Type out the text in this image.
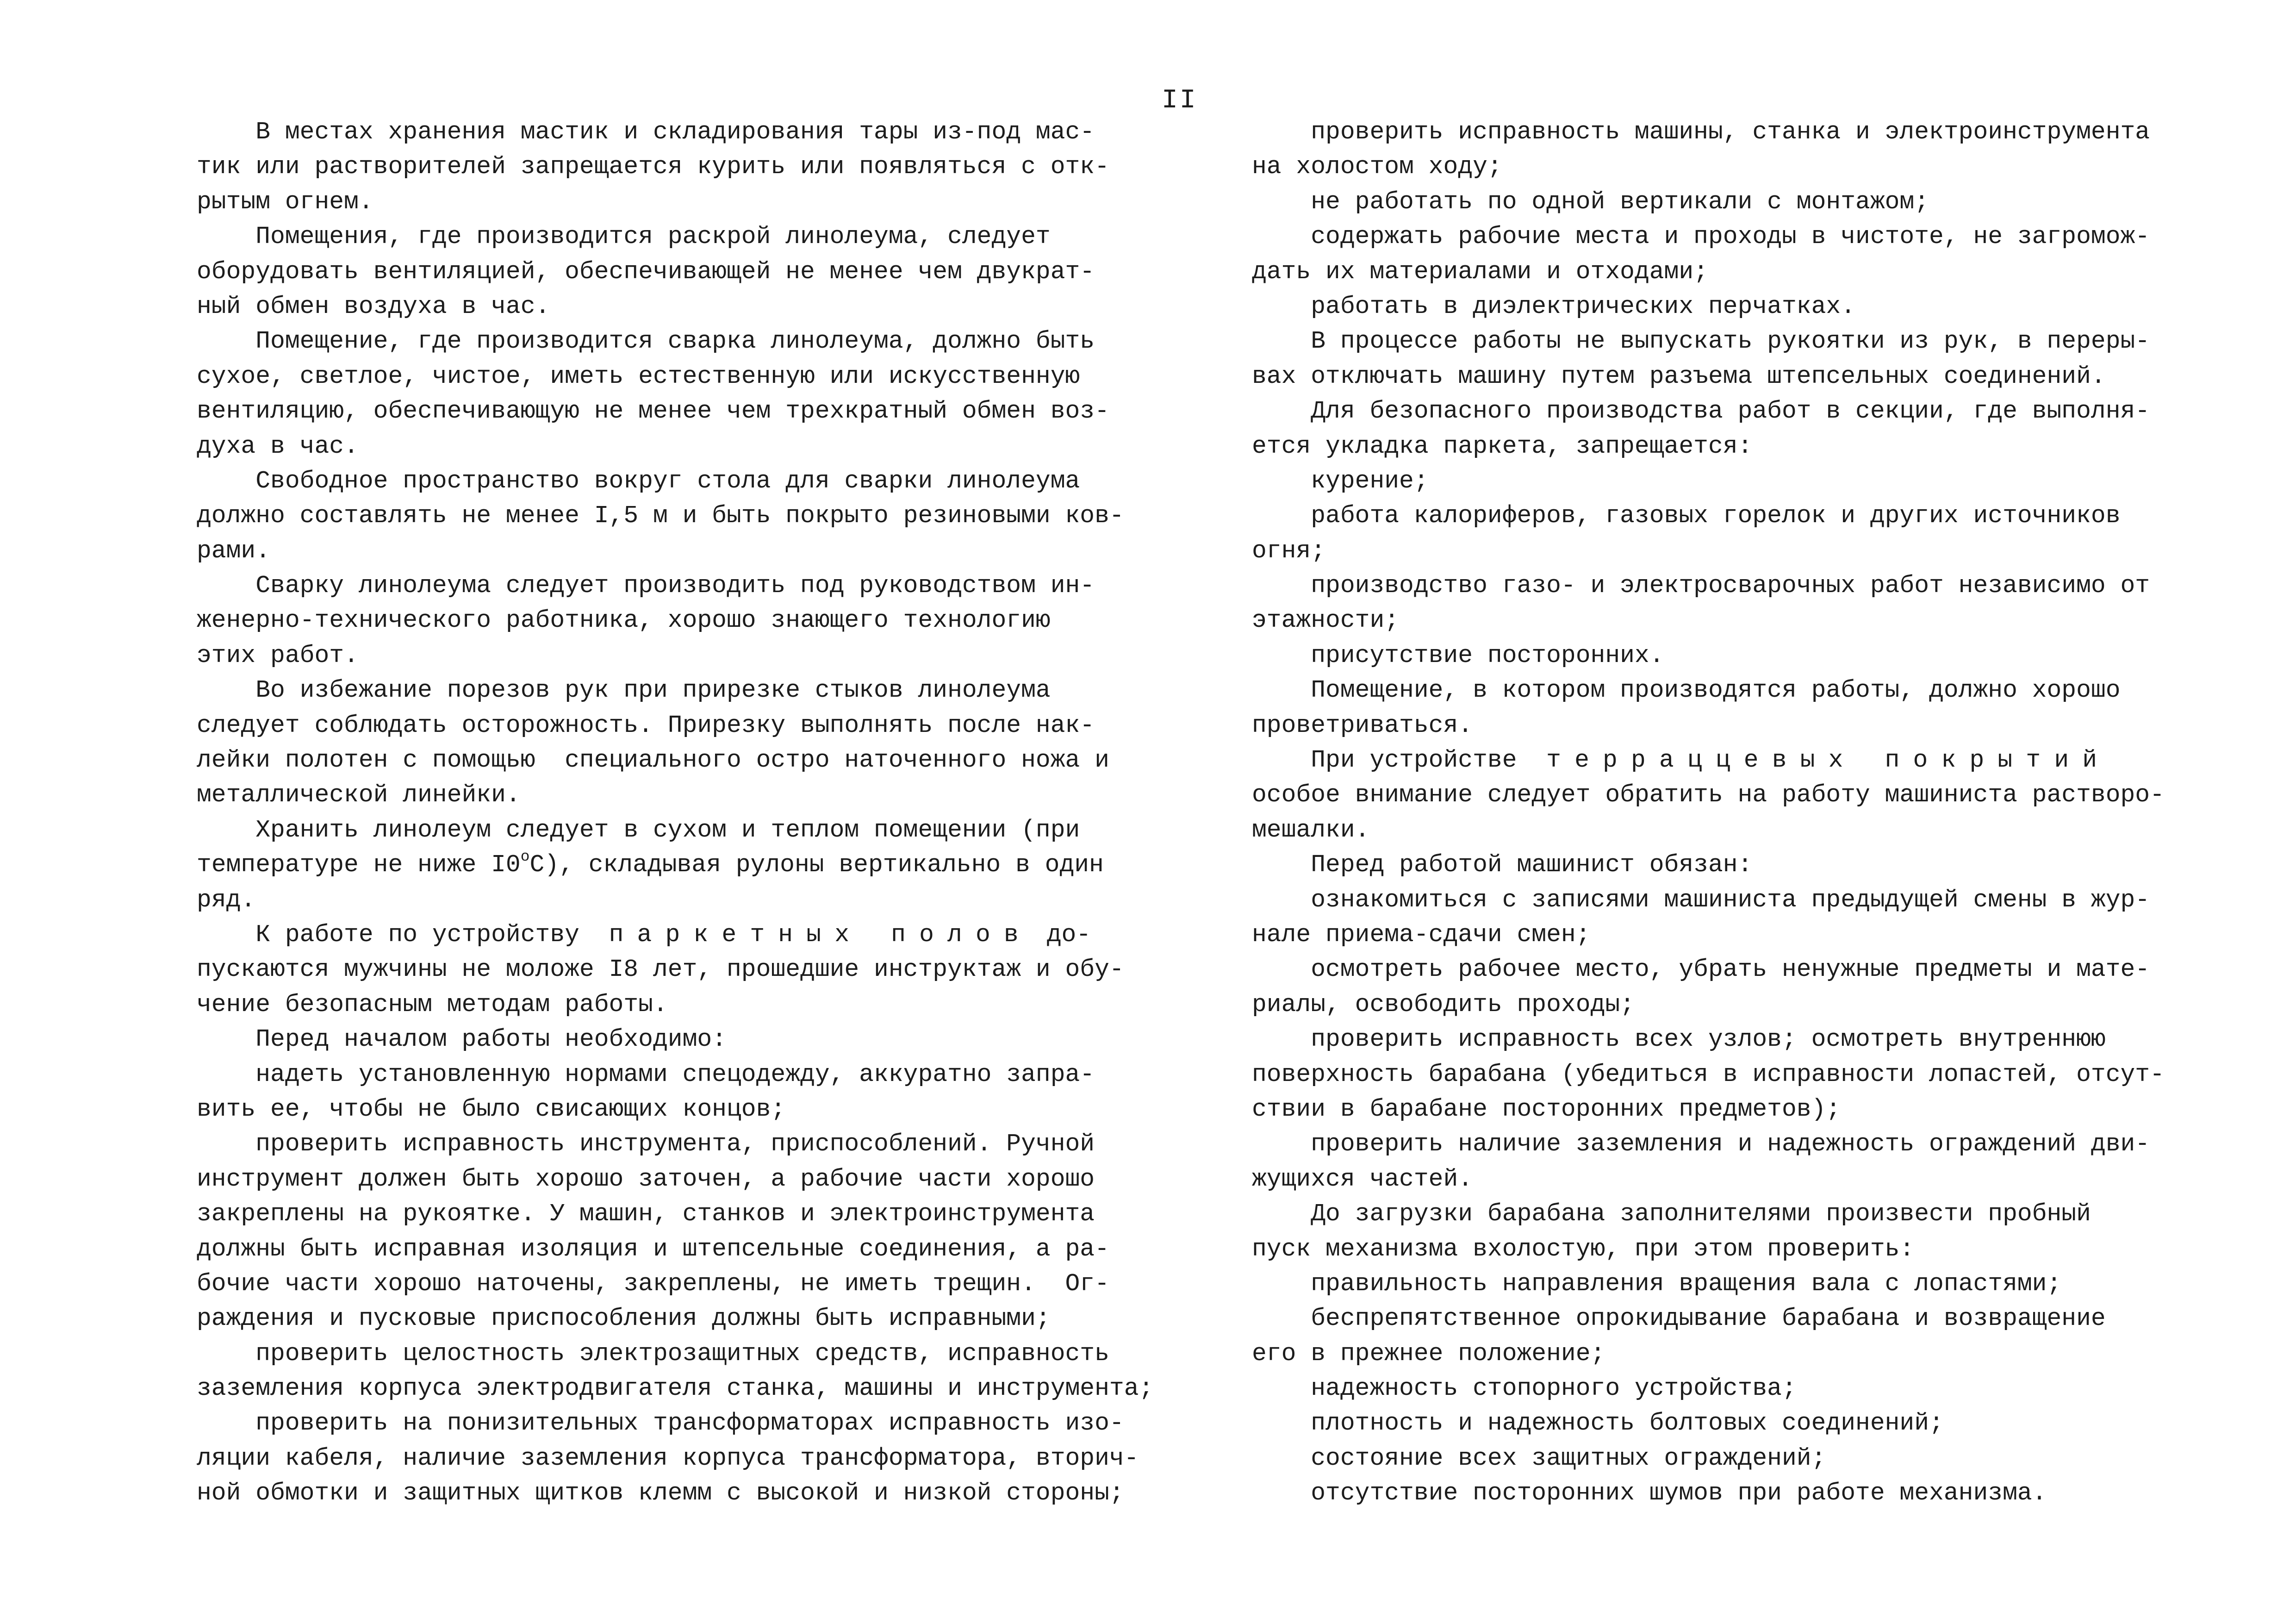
II
В местах хранения мастик и складирования тары из-под мас-
тик или растворителей запрещается курить или появляться с отк-
рытым огнем.
Помещения, где производится раскрой линолеума, следует
оборудовать вентиляцией, обеспечивающей не менее чем двукрат-
ный обмен воздуха в час.
Помещение, где производится сварка линолеума, должно быть
сухое, светлое, чистое, иметь естественную или искусственную
вентиляцию, обеспечивающую не менее чем трехкратный обмен воз-
духа в час.
Свободное пространство вокруг стола для сварки линолеума
должно составлять не менее I,5 м и быть покрыто резиновыми ков-
рами.
Сварку линолеума следует производить под руководством ин-
женерно-технического работника, хорошо знающего технологию
этих работ.
Во избежание порезов рук при прирезке стыков линолеума
следует соблюдать осторожность. Прирезку выполнять после нак-
лейки полотен с помощью  специального остро наточенного ножа и
металлической линейки.
Хранить линолеум следует в сухом и теплом помещении (при
температуре не ниже $I0^оС$), складывая рулоны вертикально в один
ряд.
К работе по устройству паркетных полов до-
пускаются мужчины не моложе I8 лет, прошедшие инструктаж и обу-
чение безопасным методам работы.
Перед началом работы необходимо:
надеть установленную нормами спецодежду, аккуратно запра-
вить ее, чтобы не было свисающих концов;
проверить исправность инструмента, приспособлений. Ручной
инструмент должен быть хорошо заточен, а рабочие части хорошо
закреплены на рукоятке. У машин, станков и электроинструмента
должны быть исправная изоляция и штепсельные соединения, а ра-
бочие части хорошо наточены, закреплены, не иметь трещин.  Ог-
раждения и пусковые приспособления должны быть исправными;
проверить целостность электрозащитных средств, исправность
заземления корпуса электродвигателя станка, машины и инструмента;
проверить на понизительных трансформаторах исправность изо-
ляции кабеля, наличие заземления корпуса трансформатора, вторич-
ной обмотки и защитных щитков клемм с высокой и низкой стороны;
проверить исправность машины, станка и электроинструмента
на холостом ходу;
не работать по одной вертикали с монтажом;
содержать рабочие места и проходы в чистоте, не загромож-
дать их материалами и отходами;
работать в диэлектрических перчатках.
В процессе работы не выпускать рукоятки из рук, в переры-
вах отключать машину путем разъема штепсельных соединений.
Для безопасного производства работ в секции, где выполня-
ется укладка паркета, запрещается:
курение;
работа калориферов, газовых горелок и других источников
огня;
производство газо- и электросварочных работ независимо от
этажности;
присутствие посторонних.
Помещение, в котором производятся работы, должно хорошо
проветриваться.
При устройстве терраццевых покрытий
особое внимание следует обратить на работу машиниста растворо-
мешалки.
Перед работой машинист обязан:
ознакомиться с записями машиниста предыдущей смены в жур-
нале приема-сдачи смен;
осмотреть рабочее место, убрать ненужные предметы и мате-
риалы, освободить проходы;
проверить исправность всех узлов; осмотреть внутреннюю
поверхность барабана (убедиться в исправности лопастей, отсут-
ствии в барабане посторонних предметов);
проверить наличие заземления и надежность ограждений дви-
жущихся частей.
До загрузки барабана заполнителями произвести пробный
пуск механизма вхолостую, при этом проверить:
правильность направления вращения вала с лопастями;
беспрепятственное опрокидывание барабана и возвращение
его в прежнее положение;
надежность стопорного устройства;
плотность и надежность болтовых соединений;
состояние всех защитных ограждений;
отсутствие посторонних шумов при работе механизма.
